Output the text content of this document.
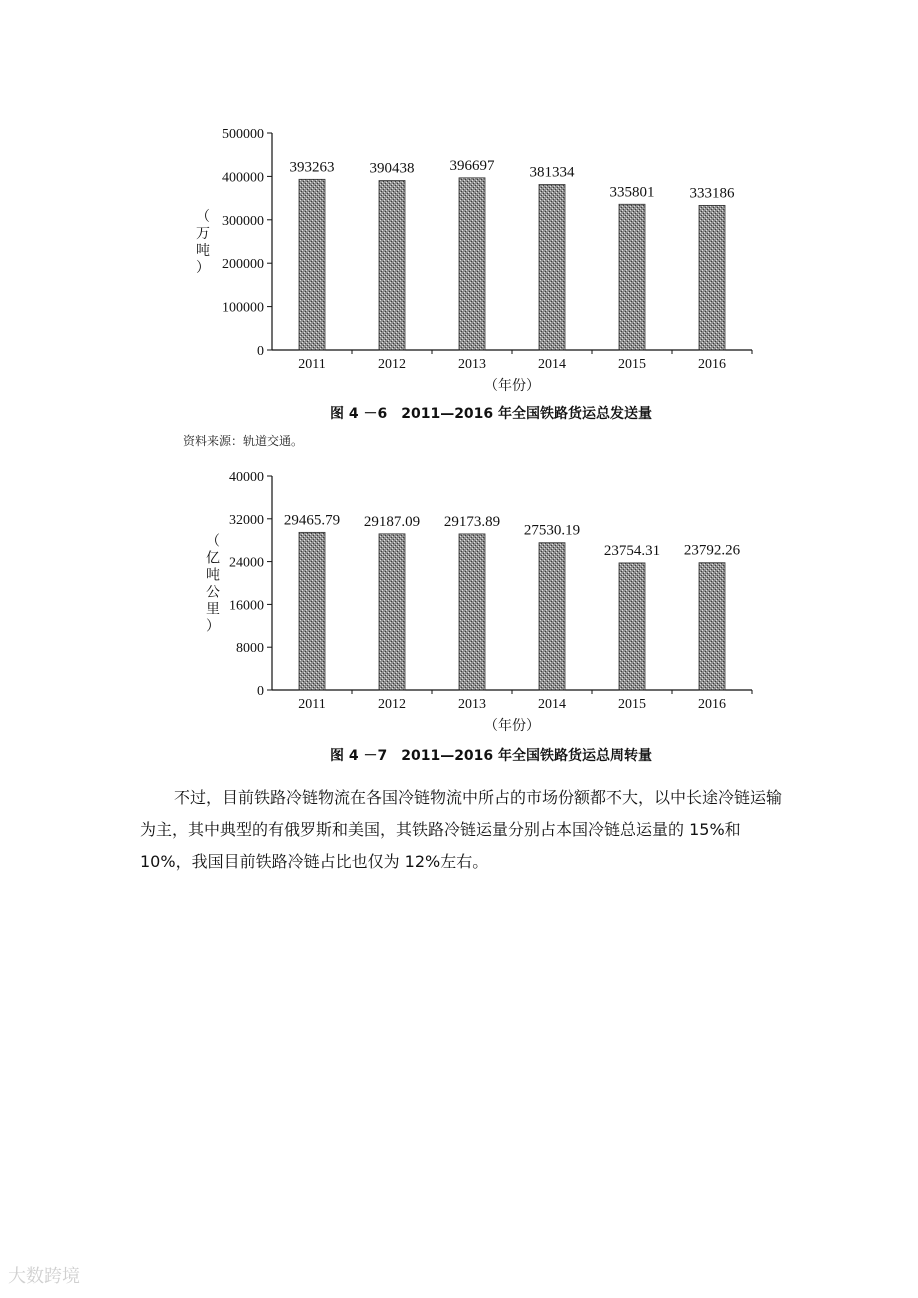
0
100000
200000
300000
400000
500000
393263
2011
390438
2012
396697
2013
381334
2014
335801
2015
333186
2016
（年份）
（
万
吨
）
0
8000
16000
24000
32000
40000
29465.79
2011
29187.09
2012
29173.89
2013
27530.19
2014
23754.31
2015
23792.26
2016
（年份）
（
亿
吨
公
里
）
图 4 －6　2011—2016 年全国铁路货运总发送量
资料来源：轨道交通。
图 4 －7　2011—2016 年全国铁路货运总周转量

不过，目前铁路冷链物流在各国冷链物流中所占的市场份额都不大，以中长途冷链运输为主，其中典型的有俄罗斯和美国，其铁路冷链运量分别占本国冷链总运量的 15%和 10%，我国目前铁路冷链占比也仅为 12%左右。

大数跨境
